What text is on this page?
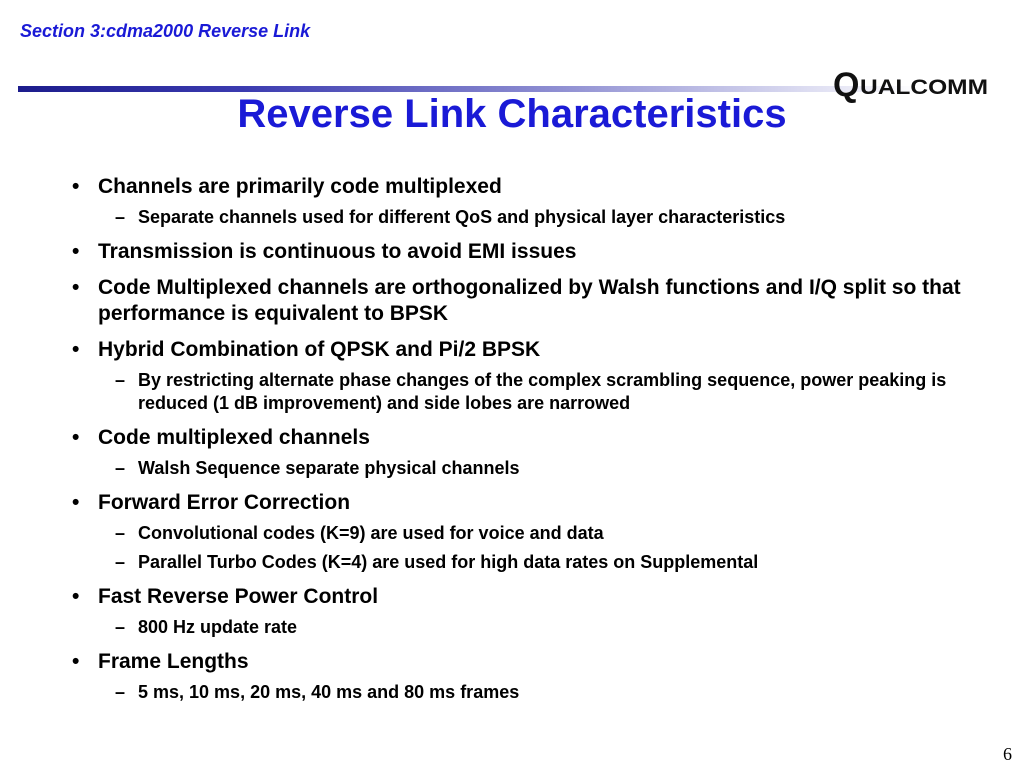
Section 3:cdma2000 Reverse Link
Q UALCOMM
Reverse Link Characteristics
• Channels are primarily code multiplexed
– Separate channels used for different QoS and physical layer characteristics
• Transmission is continuous to avoid EMI issues
• Code Multiplexed channels are orthogonalized by Walsh functions and I/Q split so that performance is equivalent to BPSK
• Hybrid Combination of QPSK and Pi/2 BPSK
– By restricting alternate phase changes of the complex scrambling sequence, power peaking is reduced (1 dB improvement) and side lobes are narrowed
• Code multiplexed channels
– Walsh Sequence separate physical channels
• Forward Error Correction
– Convolutional codes (K=9) are used for voice and data
– Parallel Turbo Codes (K=4) are used for high data rates on Supplemental
• Fast Reverse Power Control
– 800 Hz update rate
• Frame Lengths
– 5 ms, 10 ms, 20 ms, 40 ms and 80 ms frames
6
